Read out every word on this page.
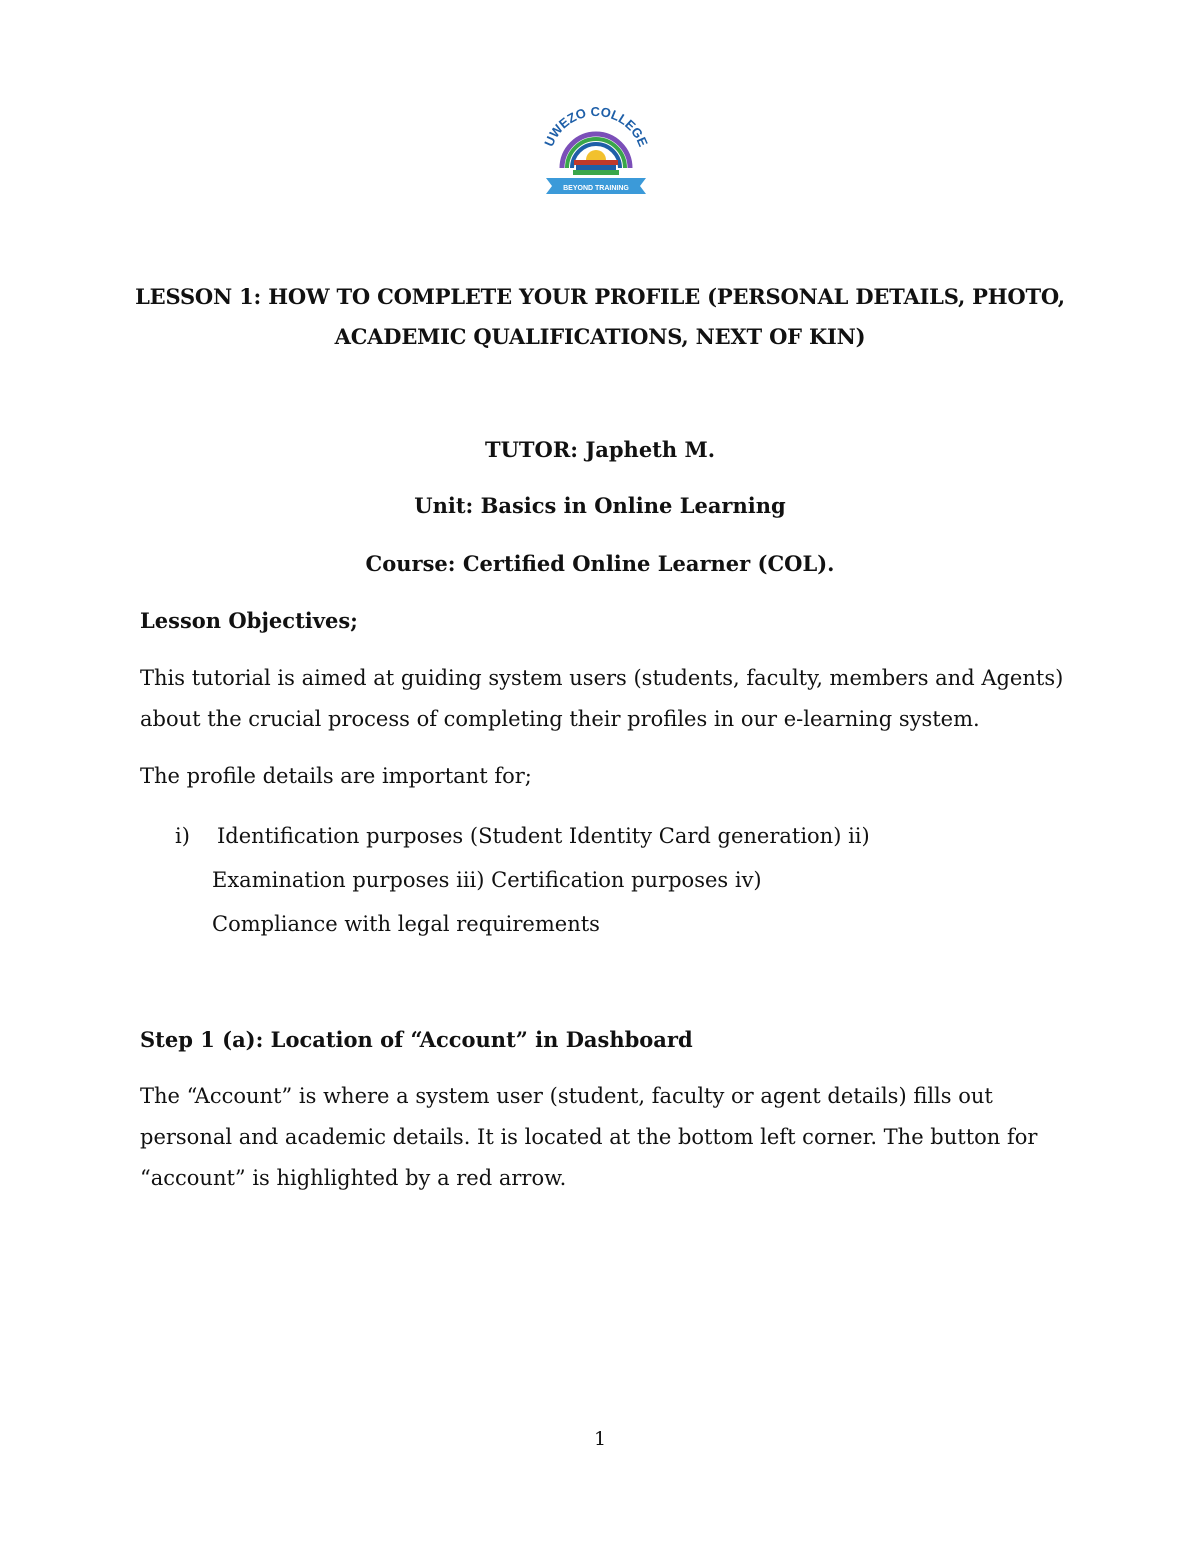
UWEZO COLLEGE
BEYOND TRAINING
LESSON 1: HOW TO COMPLETE YOUR PROFILE (PERSONAL DETAILS, PHOTO,
ACADEMIC QUALIFICATIONS, NEXT OF KIN)
TUTOR: Japheth M.
Unit: Basics in Online Learning
Course: Certified Online Learner (COL).
Lesson Objectives;
This tutorial is aimed at guiding system users (students, faculty, members and Agents) about the crucial process of completing their profiles in our e-learning system.
The profile details are important for;
i) Identification purposes (Student Identity Card generation) ii)
Examination purposes iii) Certification purposes iv)
Compliance with legal requirements
Step 1 (a): Location of “Account” in Dashboard
The “Account” is where a system user (student, faculty or agent details) fills out personal and academic details. It is located at the bottom left corner. The button for “account” is highlighted by a red arrow.
1
